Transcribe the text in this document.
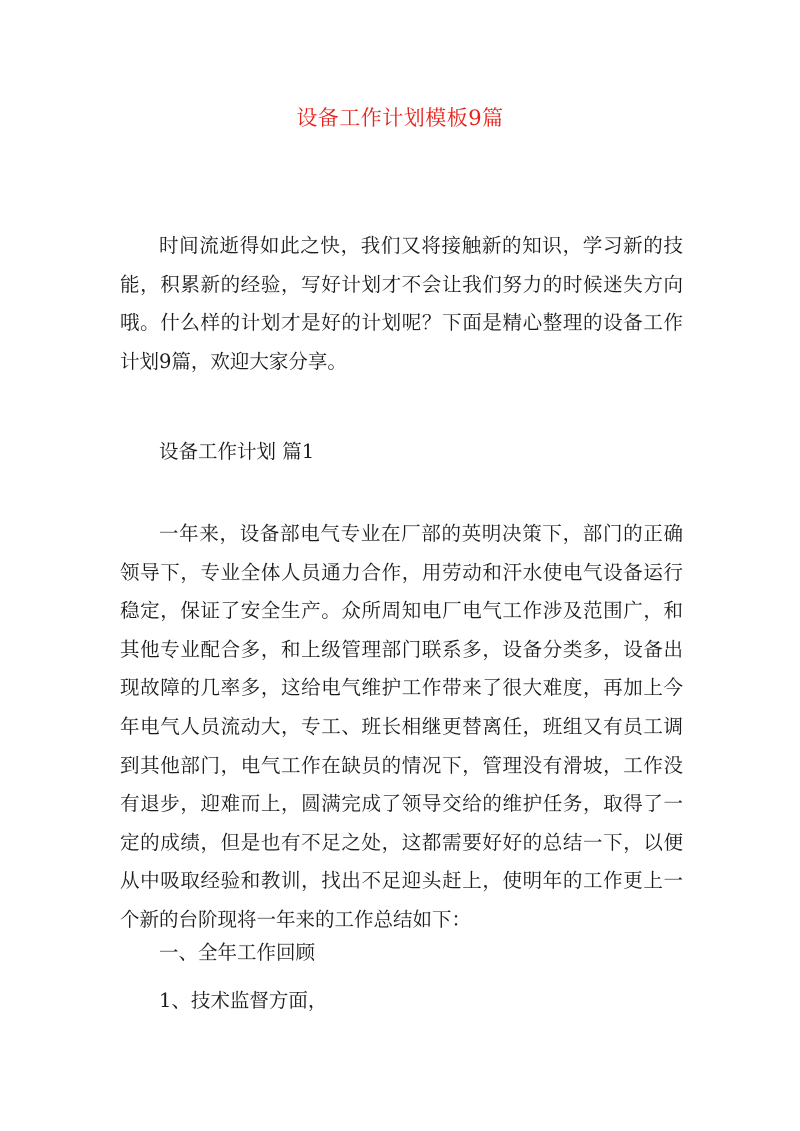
设备工作计划模板9篇

时间流逝得如此之快，我们又将接触新的知识，学习新的技能，积累新的经验，写好计划才不会让我们努力的时候迷失方向哦。什么样的计划才是好的计划呢？下面是精心整理的设备工作计划9篇，欢迎大家分享。

设备工作计划 篇1

一年来，设备部电气专业在厂部的英明决策下，部门的正确领导下，专业全体人员通力合作，用劳动和汗水使电气设备运行稳定，保证了安全生产。众所周知电厂电气工作涉及范围广，和其他专业配合多，和上级管理部门联系多，设备分类多，设备出现故障的几率多，这给电气维护工作带来了很大难度，再加上今年电气人员流动大，专工、班长相继更替离任，班组又有员工调到其他部门，电气工作在缺员的情况下，管理没有滑坡，工作没有退步，迎难而上，圆满完成了领导交给的维护任务，取得了一定的成绩，但是也有不足之处，这都需要好好的总结一下，以便从中吸取经验和教训，找出不足迎头赶上，使明年的工作更上一个新的台阶现将一年来的工作总结如下：

一、全年工作回顾

1、技术监督方面，
